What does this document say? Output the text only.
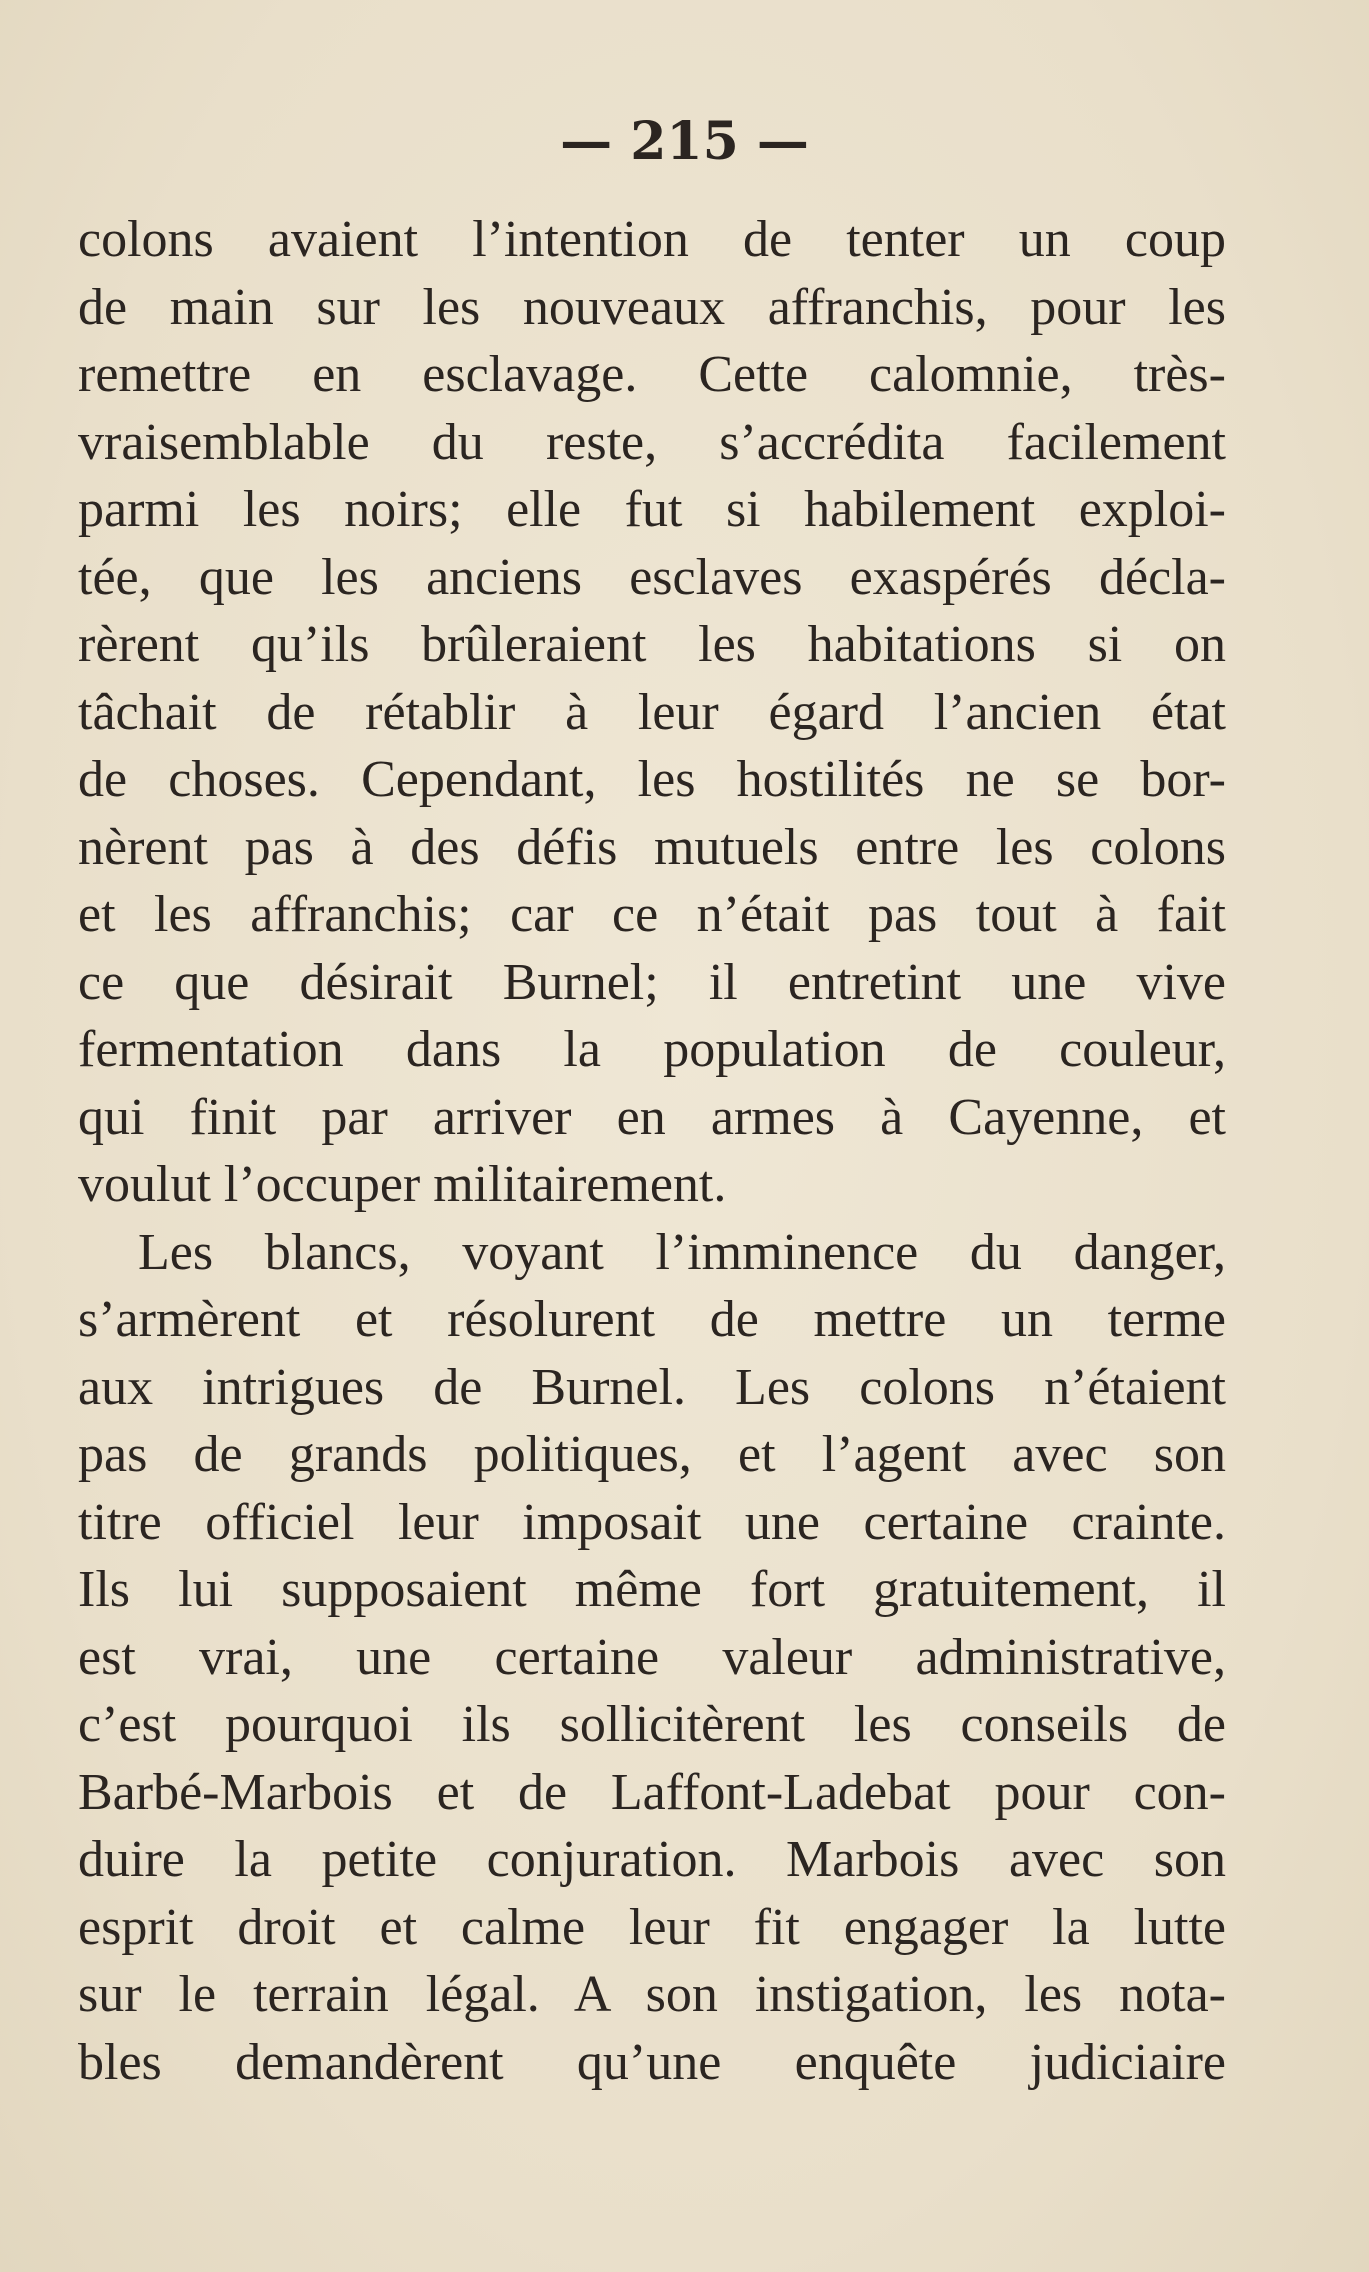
— 215 —
colons avaient l’intention de tenter un coup
de main sur les nouveaux affranchis, pour les
remettre en esclavage. Cette calomnie, très-
vraisemblable du reste, s’accrédita facilement
parmi les noirs; elle fut si habilement exploi-
tée, que les anciens esclaves exaspérés décla-
rèrent qu’ils brûleraient les habitations si on
tâchait de rétablir à leur égard l’ancien état
de choses. Cependant, les hostilités ne se bor-
nèrent pas à des défis mutuels entre les colons
et les affranchis; car ce n’était pas tout à fait
ce que désirait Burnel; il entretint une vive
fermentation dans la population de couleur,
qui finit par arriver en armes à Cayenne, et
voulut l’occuper militairement.
Les blancs, voyant l’imminence du danger,
s’armèrent et résolurent de mettre un terme
aux intrigues de Burnel. Les colons n’étaient
pas de grands politiques, et l’agent avec son
titre officiel leur imposait une certaine crainte.
Ils lui supposaient même fort gratuitement, il
est vrai, une certaine valeur administrative,
c’est pourquoi ils sollicitèrent les conseils de
Barbé-Marbois et de Laffont-Ladebat pour con-
duire la petite conjuration. Marbois avec son
esprit droit et calme leur fit engager la lutte
sur le terrain légal. A son instigation, les nota-
bles demandèrent qu’une enquête judiciaire
